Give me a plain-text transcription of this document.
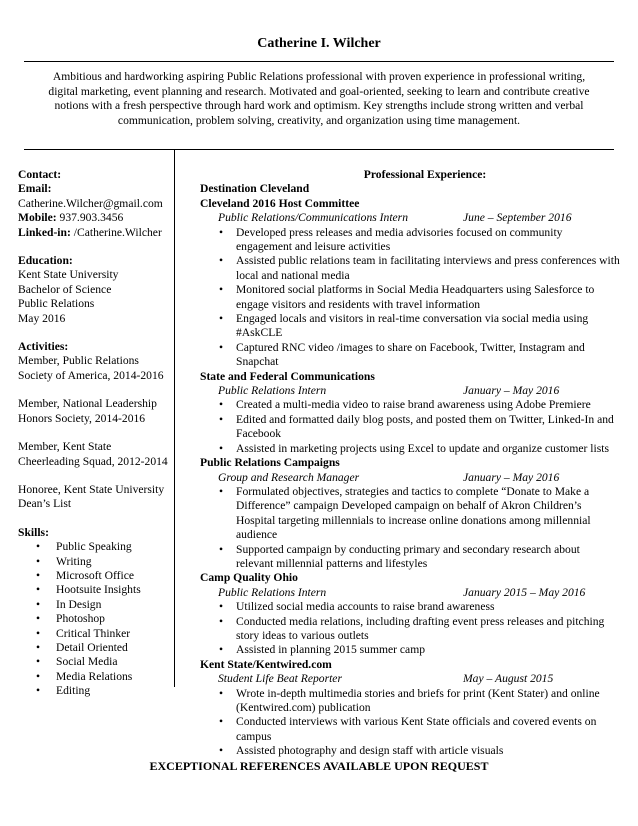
Catherine I. Wilcher
Ambitious and hardworking aspiring Public Relations professional with proven experience in professional writing, digital marketing, event planning and research. Motivated and goal-oriented, seeking to learn and contribute creative notions with a fresh perspective through hard work and optimism. Key strengths include strong written and verbal communication, problem solving, creativity, and organization using time management.
Contact:
Email:
Catherine.Wilcher@gmail.com
Mobile: 937.903.3456
Linked-in: /Catherine.Wilcher
Education:
Kent State University
Bachelor of Science
Public Relations
May 2016
Activities:
Member, Public Relations
Society of America, 2014-2016
Member, National Leadership
Honors Society, 2014-2016
Member, Kent State
Cheerleading Squad, 2012-2014
Honoree, Kent State University
Dean’s List
Skills:
• Public Speaking
• Writing
• Microsoft Office
• Hootsuite Insights
• In Design
• Photoshop
• Critical Thinker
• Detail Oriented
• Social Media
• Media Relations
• Editing
Professional Experience:
Destination Cleveland
Cleveland 2016 Host Committee
Public Relations/Communications Intern	June – September 2016
• Developed press releases and media advisories focused on community engagement and leisure activities
• Assisted public relations team in facilitating interviews and press conferences with local and national media
• Monitored social platforms in Social Media Headquarters using Salesforce to engage visitors and residents with travel information
• Engaged locals and visitors in real-time conversation via social media using #AskCLE
• Captured RNC video /images to share on Facebook, Twitter, Instagram and Snapchat
State and Federal Communications
Public Relations Intern	January – May 2016
• Created a multi-media video to raise brand awareness using Adobe Premiere
• Edited and formatted daily blog posts, and posted them on Twitter, Linked-In and Facebook
• Assisted in marketing projects using Excel to update and organize customer lists
Public Relations Campaigns
Group and Research Manager	January – May 2016
• Formulated objectives, strategies and tactics to complete “Donate to Make a Difference” campaign Developed campaign on behalf of Akron Children’s Hospital targeting millennials to increase online donations among millennial audience
• Supported campaign by conducting primary and secondary research about relevant millennial patterns and lifestyles
Camp Quality Ohio
Public Relations Intern	January 2015 – May 2016
• Utilized social media accounts to raise brand awareness
• Conducted media relations, including drafting event press releases and pitching story ideas to various outlets
• Assisted in planning 2015 summer camp
Kent State/Kentwired.com
Student Life Beat Reporter	May – August 2015
• Wrote in-depth multimedia stories and briefs for print (Kent Stater) and online (Kentwired.com) publication
• Conducted interviews with various Kent State officials and covered events on campus
• Assisted photography and design staff with article visuals
EXCEPTIONAL REFERENCES AVAILABLE UPON REQUEST
